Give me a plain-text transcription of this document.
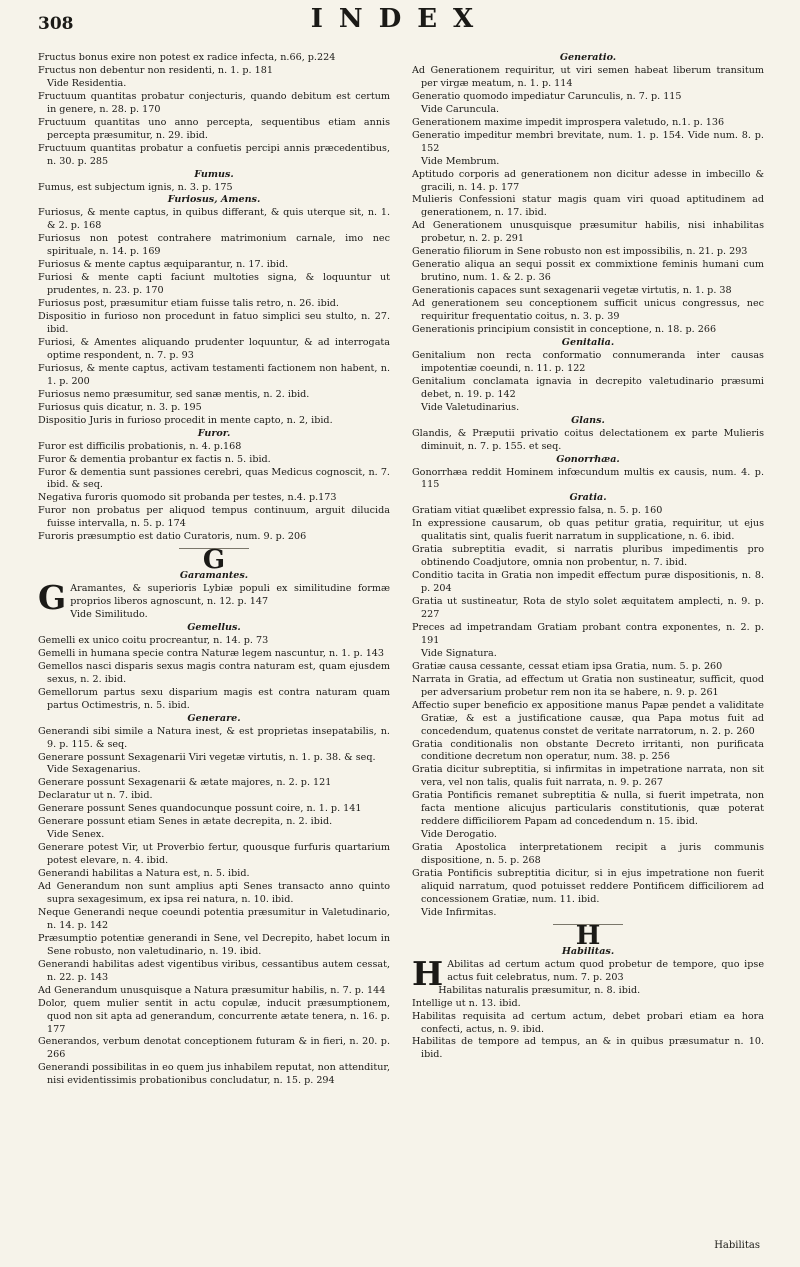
308	INDEX

Fructus bonus exire non potest ex radice infecta, n.66, p.224

Fructus non debentur non residenti, n. 1. p. 181

Vide Residentia.

Fructuum quantitas probatur conjecturis, quando debitum est certum in genere, n. 28. p. 170

Fructuum quantitas uno anno percepta, sequentibus etiam annis percepta præsumitur, n. 29. ibid.

Fructuum quantitas probatur a confuetis percipi annis præcedentibus, n. 30. p. 285

Fumus.

Fumus, est subjectum ignis, n. 3. p. 175

Furiosus, Amens.

Furiosus, & mente captus, in quibus differant, & quis uterque sit, n. 1. & 2. p. 168

Furiosus non potest contrahere matrimonium carnale, imo nec spirituale, n. 14. p. 169

Furiosus & mente captus æquiparantur, n. 17. ibid.

Furiosi & mente capti faciunt multoties signa, & loquuntur ut prudentes, n. 23. p. 170

Furiosus post, præsumitur etiam fuisse talis retro, n. 26. ibid.

Dispositio in furioso non procedunt in fatuo simplici seu stulto, n. 27. ibid.

Furiosi, & Amentes aliquando prudenter loquuntur, & ad interrogata optime respondent, n. 7. p. 93

Furiosus, & mente captus, activam testamenti factionem non habent, n. 1. p. 200

Furiosus nemo præsumitur, sed sanæ mentis, n. 2. ibid.

Furiosus quis dicatur, n. 3. p. 195

Dispositio Juris in furioso procedit in mente capto, n. 2, ibid.

Furor.

Furor est difficilis probationis, n. 4. p.168

Furor & dementia probantur ex factis n. 5. ibid.

Furor & dementia sunt passiones cerebri, quas Medicus cognoscit, n. 7. ibid. & seq.

Negativa furoris quomodo sit probanda per testes, n.4. p.173

Furor non probatus per aliquod tempus continuum, arguit dilucida fuisse intervalla, n. 5. p. 174

Furoris præsumptio est datio Curatoris, num. 9. p. 206

G

Garamantes.

G Aramantes, & superioris Lybiæ populi ex similitudine formæ proprios liberos agnoscunt, n. 12. p. 147

Vide Similitudo.

Gemellus.

Gemelli ex unico coitu procreantur, n. 14. p. 73

Gemelli in humana specie contra Naturæ legem nascuntur, n. 1. p. 143

Gemellos nasci disparis sexus magis contra naturam est, quam ejusdem sexus, n. 2. ibid.

Gemellorum partus sexu disparium magis est contra naturam quam partus Octimestris, n. 5. ibid.

Generare.

Generandi sibi simile a Natura inest, & est proprietas insepatabilis, n. 9. p. 115. & seq.

Generare possunt Sexagenarii Viri vegetæ virtutis, n. 1. p. 38. & seq.

Vide Sexagenarius.

Generare possunt Sexagenarii & ætate majores, n. 2. p. 121

Declaratur ut n. 7. ibid.

Generare possunt Senes quandocunque possunt coire, n. 1. p. 141

Generare possunt etiam Senes in ætate decrepita, n. 2. ibid.

Vide Senex.

Generare potest Vir, ut Proverbio fertur, quousque furfuris quartarium potest elevare, n. 4. ibid.

Generandi habilitas a Natura est, n. 5. ibid.

Ad Generandum non sunt amplius apti Senes transacto anno quinto supra sexagesimum, ex ipsa rei natura, n. 10. ibid.

Neque Generandi neque coeundi potentia præsumitur in Valetudinario, n. 14. p. 142

Præsumptio potentiæ generandi in Sene, vel Decrepito, habet locum in Sene robusto, non valetudinario, n. 19. ibid.

Generandi habilitas adest vigentibus viribus, cessantibus autem cessat, n. 22. p. 143

Ad Generandum unusquisque a Natura præsumitur habilis, n. 7. p. 144

Dolor, quem mulier sentit in actu copulæ, inducit præsumptionem, quod non sit apta ad generandum, concurrente ætate tenera, n. 16. p. 177

Generandos, verbum denotat conceptionem futuram & in fieri, n. 20. p. 266

Generandi possibilitas in eo quem jus inhabilem reputat, non attenditur, nisi evidentissimis probationibus concludatur, n. 15. p. 294

Generatio.

Ad Generationem requiritur, ut viri semen habeat liberum transitum per virgæ meatum, n. 1. p. 114

Generatio quomodo impediatur Carunculis, n. 7. p. 115

Vide Caruncula.

Generationem maxime impedit improspera valetudo, n.1. p. 136

Generatio impeditur membri brevitate, num. 1. p. 154. Vide num. 8. p. 152

Vide Membrum.

Aptitudo corporis ad generationem non dicitur adesse in imbecillo & gracili, n. 14. p. 177

Mulieris Confessioni statur magis quam viri quoad aptitudinem ad generationem, n. 17. ibid.

Ad Generationem unusquisque præsumitur habilis, nisi inhabilitas probetur, n. 2. p. 291

Generatio filiorum in Sene robusto non est impossibilis, n. 21. p. 293

Generatio aliqua an sequi possit ex commixtione feminis humani cum brutino, num. 1. & 2. p. 36

Generationis capaces sunt sexagenarii vegetæ virtutis, n. 1. p. 38

Ad generationem seu conceptionem sufficit unicus congressus, nec requiritur frequentatio coitus, n. 3. p. 39

Generationis principium consistit in conceptione, n. 18. p. 266

Genitalia.

Genitalium non recta conformatio connumeranda inter causas impotentiæ coeundi, n. 11. p. 122

Genitalium conclamata ignavia in decrepito valetudinario præsumi debet, n. 19. p. 142

Vide Valetudinarius.

Glans.

Glandis, & Præputii privatio coitus delectationem ex parte Mulieris diminuit, n. 7. p. 155. et seq.

Gonorrhæa.

Gonorrhæa reddit Hominem infœcundum multis ex causis, num. 4. p. 115

Gratia.

Gratiam vitiat quælibet expressio falsa, n. 5. p. 160

In expressione causarum, ob quas petitur gratia, requiritur, ut ejus qualitatis sint, qualis fuerit narratum in supplicatione, n. 6. ibid.

Gratia subreptitia evadit, si narratis pluribus impedimentis pro obtinendo Coadjutore, omnia non probentur, n. 7. ibid.

Conditio tacita in Gratia non impedit effectum puræ dispositionis, n. 8. p. 204

Gratia ut sustineatur, Rota de stylo solet æquitatem amplecti, n. 9. p. 227

Preces ad impetrandam Gratiam probant contra exponentes, n. 2. p. 191

Vide Signatura.

Gratiæ causa cessante, cessat etiam ipsa Gratia, num. 5. p. 260

Narrata in Gratia, ad effectum ut Gratia non sustineatur, sufficit, quod per adversarium probetur rem non ita se habere, n. 9. p. 261

Affectio super beneficio ex appositione manus Papæ pendet a validitate Gratiæ, & est a justificatione causæ, qua Papa motus fuit ad concedendum, quatenus constet de veritate narratorum, n. 2. p. 260

Gratia conditionalis non obstante Decreto irritanti, non purificata conditione decretum non operatur, num. 38. p. 256

Gratia dicitur subreptitia, si infirmitas in impetratione narrata, non sit vera, vel non talis, qualis fuit narrata, n. 9. p. 267

Gratia Pontificis remanet subreptitia & nulla, si fuerit impetrata, non facta mentione alicujus particularis constitutionis, quæ poterat reddere difficiliorem Papam ad concedendum n. 15. ibid.

Vide Derogatio.

Gratia Apostolica interpretationem recipit a juris communis dispositione, n. 5. p. 268

Gratia Pontificis subreptitia dicitur, si in ejus impetratione non fuerit aliquid narratum, quod potuisset reddere Pontificem difficiliorem ad concessionem Gratiæ, num. 11. ibid.

Vide Infirmitas.

H

Habilitas.

H Abilitas ad certum actum quod probetur de tempore, quo ipse actus fuit celebratus, num. 7. p. 203

Habilitas naturalis præsumitur, n. 8. ibid.

Intellige ut n. 13. ibid.

Habilitas requisita ad certum actum, debet probari etiam ea hora confecti, actus, n. 9. ibid.

Habilitas de tempore ad tempus, an & in quibus præsumatur n. 10. ibid.

Habilitas
